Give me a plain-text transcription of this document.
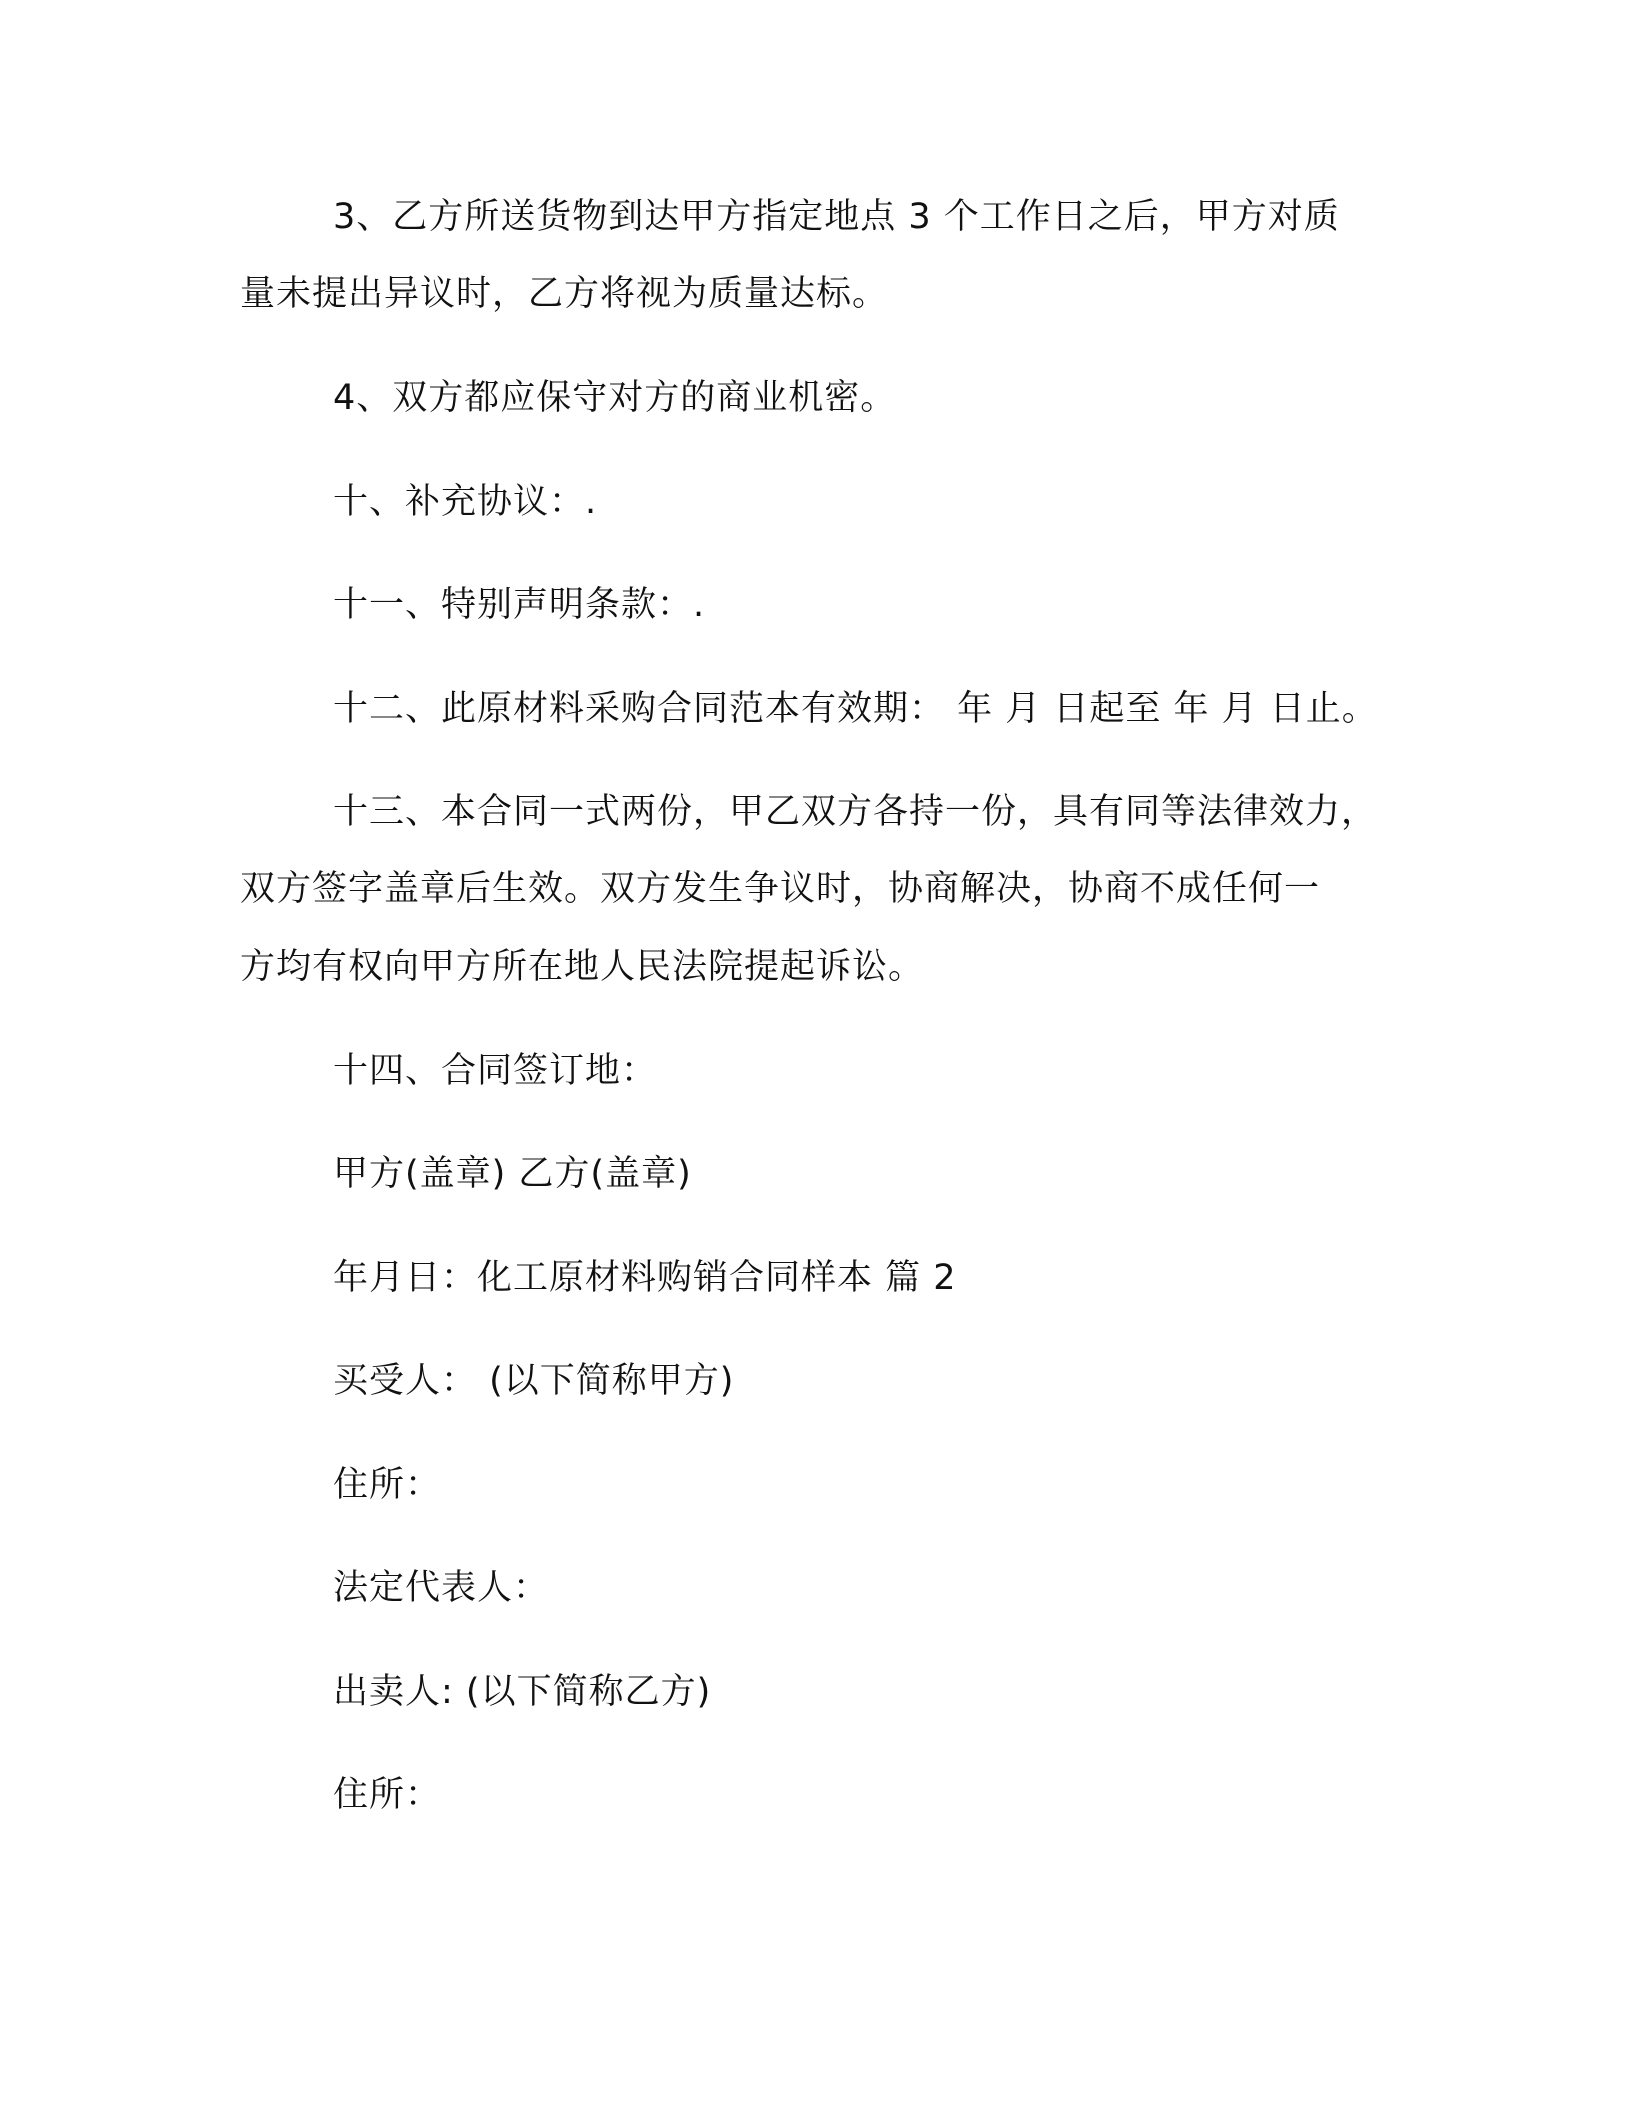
3、乙方所送货物到达甲方指定地点 3 个工作日之后，甲方对质
量未提出异议时，乙方将视为质量达标。
4、双方都应保守对方的商业机密。
十、补充协议：.
十一、特别声明条款：.
十二、此原材料采购合同范本有效期： 年 月 日起至 年 月 日止。
十三、本合同一式两份，甲乙双方各持一份，具有同等法律效力，
双方签字盖章后生效。双方发生争议时，协商解决，协商不成任何一
方均有权向甲方所在地人民法院提起诉讼。
十四、合同签订地：
甲方(盖章) 乙方(盖章)
年月日：化工原材料购销合同样本 篇 2
买受人： (以下简称甲方)
住所：
法定代表人：
出卖人: (以下简称乙方)
住所：
